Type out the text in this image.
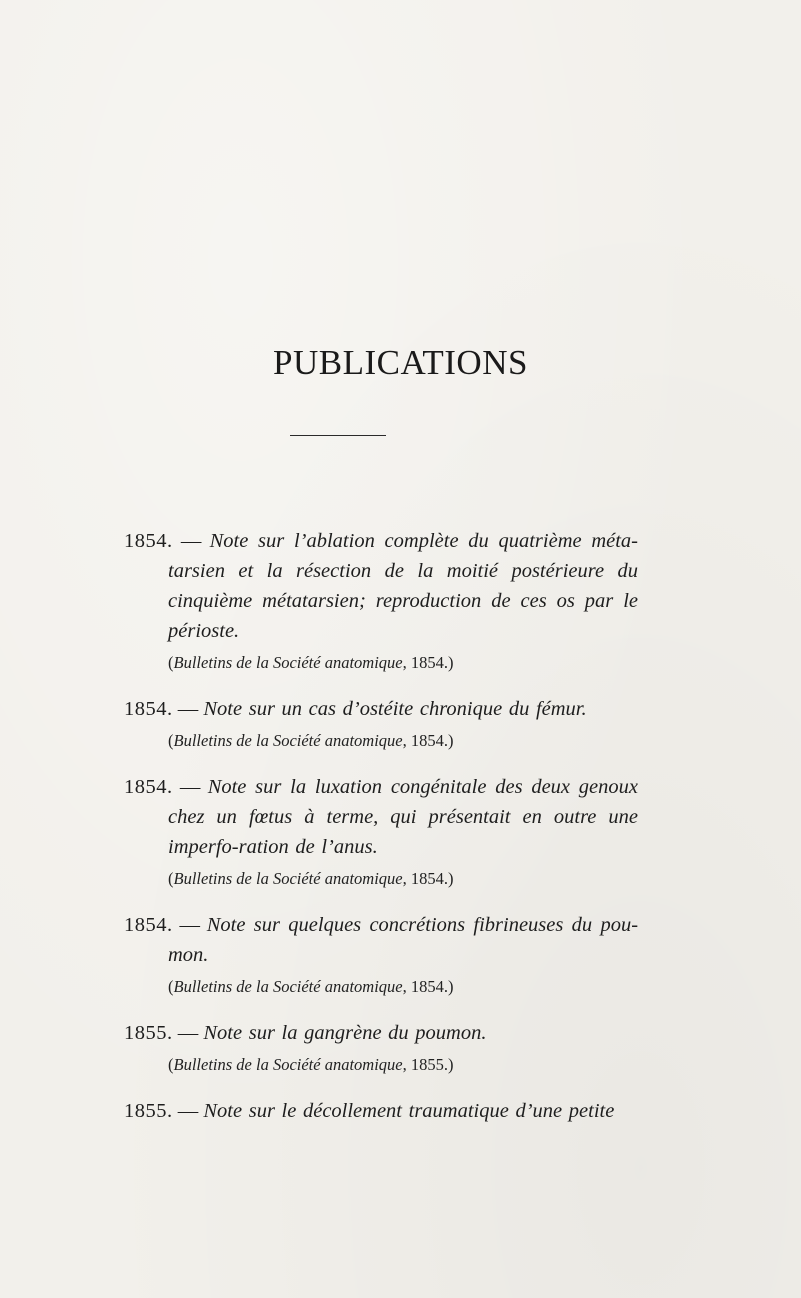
PUBLICATIONS
1854. — Note sur l’ablation complète du quatrième méta-tarsien et la résection de la moitié postérieure du cinquième métatarsien; reproduction de ces os par le périoste.
(Bulletins de la Société anatomique, 1854.)
1854. — Note sur un cas d’ostéite chronique du fémur.
(Bulletins de la Société anatomique, 1854.)
1854. — Note sur la luxation congénitale des deux genoux chez un fœtus à terme, qui présentait en outre une imperfo-ration de l’anus.
(Bulletins de la Société anatomique, 1854.)
1854. — Note sur quelques concrétions fibrineuses du pou-mon.
(Bulletins de la Société anatomique, 1854.)
1855. — Note sur la gangrène du poumon.
(Bulletins de la Société anatomique, 1855.)
1855. — Note sur le décollement traumatique d’une petite
